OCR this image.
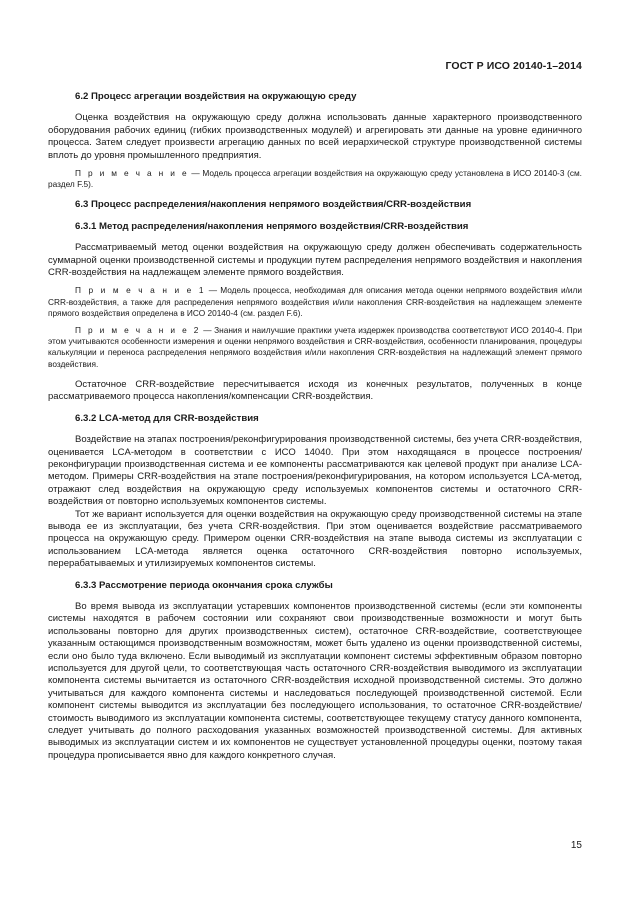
ГОСТ Р ИСО 20140-1–2014
6.2 Процесс агрегации воздействия на окружающую среду

Оценка воздействия на окружающую среду должна использовать данные характерного производственного оборудования рабочих единиц (гибких производственных модулей) и агрегировать эти данные на уровне единичного процесса. Затем следует произвести агрегацию данных по всей иерархической структуре производственной системы вплоть до уровня промышленного предприятия.

П р и м е ч а н и е — Модель процесса агрегации воздействия на окружающую среду установлена в ИСО 20140-3 (см. раздел F.5).

6.3 Процесс распределения/накопления непрямого воздействия/CRR-воздействия
6.3.1 Метод распределения/накопления непрямого воздействия/CRR-воздействия

Рассматриваемый метод оценки воздействия на окружающую среду должен обеспечивать содержательность суммарной оценки производственной системы и продукции путем распределения непрямого воздействия и накопления CRR-воздействия на надлежащем элементе прямого воздействия.

П р и м е ч а н и е 1 — Модель процесса, необходимая для описания метода оценки непрямого воздействия и/или CRR-воздействия, а также для распределения непрямого воздействия и/или накопления CRR-воздействия на надлежащем элементе прямого воздействия определена в ИСО 20140-4 (см. раздел F.6).

П р и м е ч а н и е 2 — Знания и наилучшие практики учета издержек производства соответствуют ИСО 20140-4. При этом учитываются особенности измерения и оценки непрямого воздействия и CRR-воздействия, особенности планирования, процедуры калькуляции и переноса распределения непрямого воздействия и/или накопления CRR-воздействия на надлежащий элемент прямого воздействия.

Остаточное CRR-воздействие пересчитывается исходя из конечных результатов, полученных в конце рассматриваемого процесса накопления/компенсации CRR-воздействия.

6.3.2 LCA-метод для CRR-воздействия

Воздействие на этапах построения/реконфигурирования производственной системы, без учета CRR-воздействия, оценивается LCA-методом в соответствии с ИСО 14040. При этом находящаяся в процессе построения/реконфигурации производственная система и ее компоненты рассматриваются как целевой продукт при анализе LCA-методом. Примеры CRR-воздействия на этапе построения/реконфигурирования, на котором используется LCA-метод, отражают след воздействия на окружающую среду используемых компонентов системы и остаточного CRR-воздействия от повторно используемых компонентов системы.

Тот же вариант используется для оценки воздействия на окружающую среду производственной системы на этапе вывода ее из эксплуатации, без учета CRR-воздействия. При этом оценивается воздействие рассматриваемого процесса на окружающую среду. Примером оценки CRR-воздействия на этапе вывода системы из эксплуатации с использованием LCA-метода является оценка остаточного CRR-воздействия повторно используемых, перерабатываемых и утилизируемых компонентов системы.

6.3.3 Рассмотрение периода окончания срока службы

Во время вывода из эксплуатации устаревших компонентов производственной системы (если эти компоненты системы находятся в рабочем состоянии или сохраняют свои производственные возможности и могут быть использованы повторно для других производственных систем), остаточное CRR-воздействие, соответствующее указанным остающимся производственным возможностям, может быть удалено из оценки производственной системы, если оно было туда включено. Если выводимый из эксплуатации компонент системы эффективным образом повторно используется для другой цели, то соответствующая часть остаточного CRR-воздействия выводимого из эксплуатации компонента системы вычитается из остаточного CRR-воздействия исходной производственной системы. Это должно учитываться для каждого компонента системы и наследоваться последующей производственной системой. Если компонент системы выводится из эксплуатации без последующего использования, то остаточное CRR-воздействие/стоимость выводимого из эксплуатации компонента системы, соответствующее текущему статусу данного компонента, следует учитывать до полного расходования указанных возможностей производственной системы. Для активных выводимых из эксплуатации систем и их компонентов не существует установленной процедуры оценки, поэтому такая процедура прописывается явно для каждого конкретного случая.

15
